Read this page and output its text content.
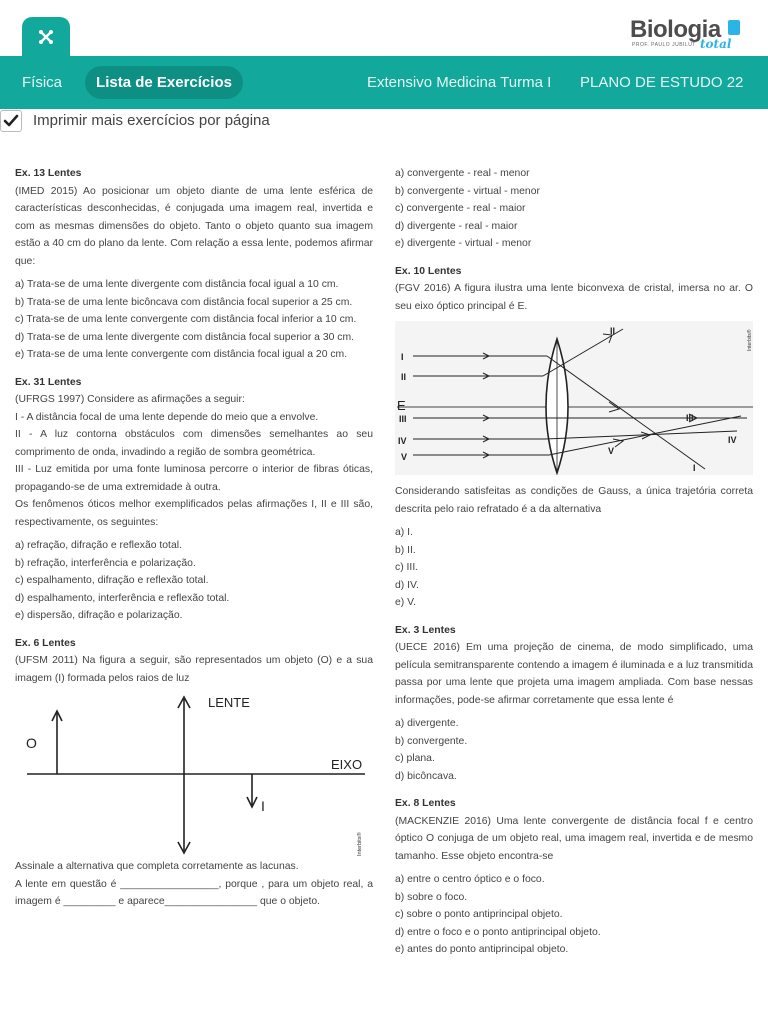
Biologia
total
PROF. PAULO JUBILUT
Física	Lista de Exercícios	Extensivo Medicina Turma I PLANO DE ESTUDO 22
Imprimir mais exercícios por página
Ex. 13 Lentes
(IMED 2015) Ao posicionar um objeto diante de uma lente esférica de características desconhecidas, é conjugada uma imagem real, invertida e com as mesmas dimensões do objeto. Tanto o objeto quanto sua imagem estão a 40 cm do plano da lente. Com relação a essa lente, podemos afirmar que:
a) Trata-se de uma lente divergente com distância focal igual a 10 cm.
b) Trata-se de uma lente bicôncava com distância focal superior a 25 cm.
c) Trata-se de uma lente convergente com distância focal inferior a 10 cm.
d) Trata-se de uma lente divergente com distância focal superior a 30 cm.
e) Trata-se de uma lente convergente com distância focal igual a 20 cm.
Ex. 31 Lentes
(UFRGS 1997) Considere as afirmações a seguir:
I - A distância focal de uma lente depende do meio que a envolve.
II - A luz contorna obstáculos com dimensões semelhantes ao seu comprimento de onda, invadindo a região de sombra geométrica.
III - Luz emitida por uma fonte luminosa percorre o interior de fibras óticas, propagando-se de uma extremidade à outra.
Os fenômenos óticos melhor exemplificados pelas afirmações I, II e III são, respectivamente, os seguintes:
a) refração, difração e reflexão total.
b) refração, interferência e polarização.
c) espalhamento, difração e reflexão total.
d) espalhamento, interferência e reflexão total.
e) dispersão, difração e polarização.
Ex. 6 Lentes
(UFSM 2011) Na figura a seguir, são representados um objeto (O) e a sua imagem (I) formada pelos raios de luz
LENTE
EIXO
O
I
Interbits®
Assinale a alternativa que completa corretamente as lacunas.
A lente em questão é _________________, porque , para um objeto real, a imagem é _________ e aparece________________ que o objeto.
a) convergente - real - menor
b) convergente - virtual - menor
c) convergente - real - maior
d) divergente - real - maior
e) divergente - virtual - menor
Ex. 10 Lentes
(FGV 2016) A figura ilustra uma lente biconvexa de cristal, imersa no ar. O seu eixo óptico principal é E.
I
II
E
III
IV
V
II
III
IV
V
I
Interbits®
Considerando satisfeitas as condições de Gauss, a única trajetória correta descrita pelo raio refratado é a da alternativa
a) I.
b) II.
c) III.
d) IV.
e) V.
Ex. 3 Lentes
(UECE 2016) Em uma projeção de cinema, de modo simplificado, uma película semitransparente contendo a imagem é iluminada e a luz transmitida passa por uma lente que projeta uma imagem ampliada. Com base nessas informações, pode-se afirmar corretamente que essa lente é
a) divergente.
b) convergente.
c) plana.
d) bicôncava.
Ex. 8 Lentes
(MACKENZIE 2016) Uma lente convergente de distância focal f e centro óptico O conjuga de um objeto real, uma imagem real, invertida e de mesmo tamanho. Esse objeto encontra-se
a) entre o centro óptico e o foco.
b) sobre o foco.
c) sobre o ponto antiprincipal objeto.
d) entre o foco e o ponto antiprincipal objeto.
e) antes do ponto antiprincipal objeto.
